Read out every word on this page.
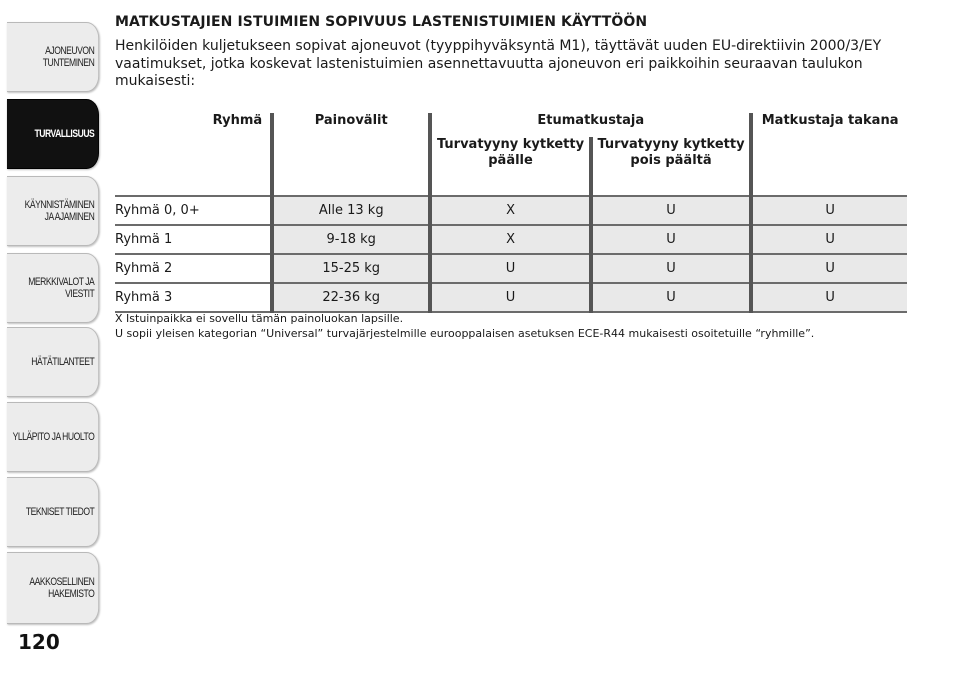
AJONEUVON
TUNTEMINEN
TURVALLISUUS
KÄYNNISTÄMINEN
JA AJAMINEN
MERKKIVALOT JA
VIESTIT
HÄTÄTILANTEET
YLLÄPITO JA HUOLTO
TEKNISET TIEDOT
AAKKOSELLINEN
HAKEMISTO
120
MATKUSTAJIEN ISTUIMIEN SOPIVUUS LASTENISTUIMIEN KÄYTTÖÖN

Henkilöiden kuljetukseen sopivat ajoneuvot (tyyppihyväksyntä M1), täyttävät uuden EU-direktiivin 2000/3/EY vaatimukset, jotka koskevat lastenistuimien asennettavuutta ajoneuvon eri paikkoihin seuraavan taulukon mukaisesti:

Ryhmä	Painovälit	Etumatkustaja		Matkustaja takana
		Turvatyyny kytketty päälle	Turvatyyny kytketty pois päältä	
Ryhmä 0, 0+	Alle 13 kg	X	U	U
Ryhmä 1	9-18 kg	X	U	U
Ryhmä 2	15-25 kg	U	U	U
Ryhmä 3	22-36 kg	U	U	U
X Istuinpaikka ei sovellu tämän painoluokan lapsille.
U sopii yleisen kategorian “Universal” turvajärjestelmille eurooppalaisen asetuksen ECE-R44 mukaisesti osoitetuille “ryhmille”.
